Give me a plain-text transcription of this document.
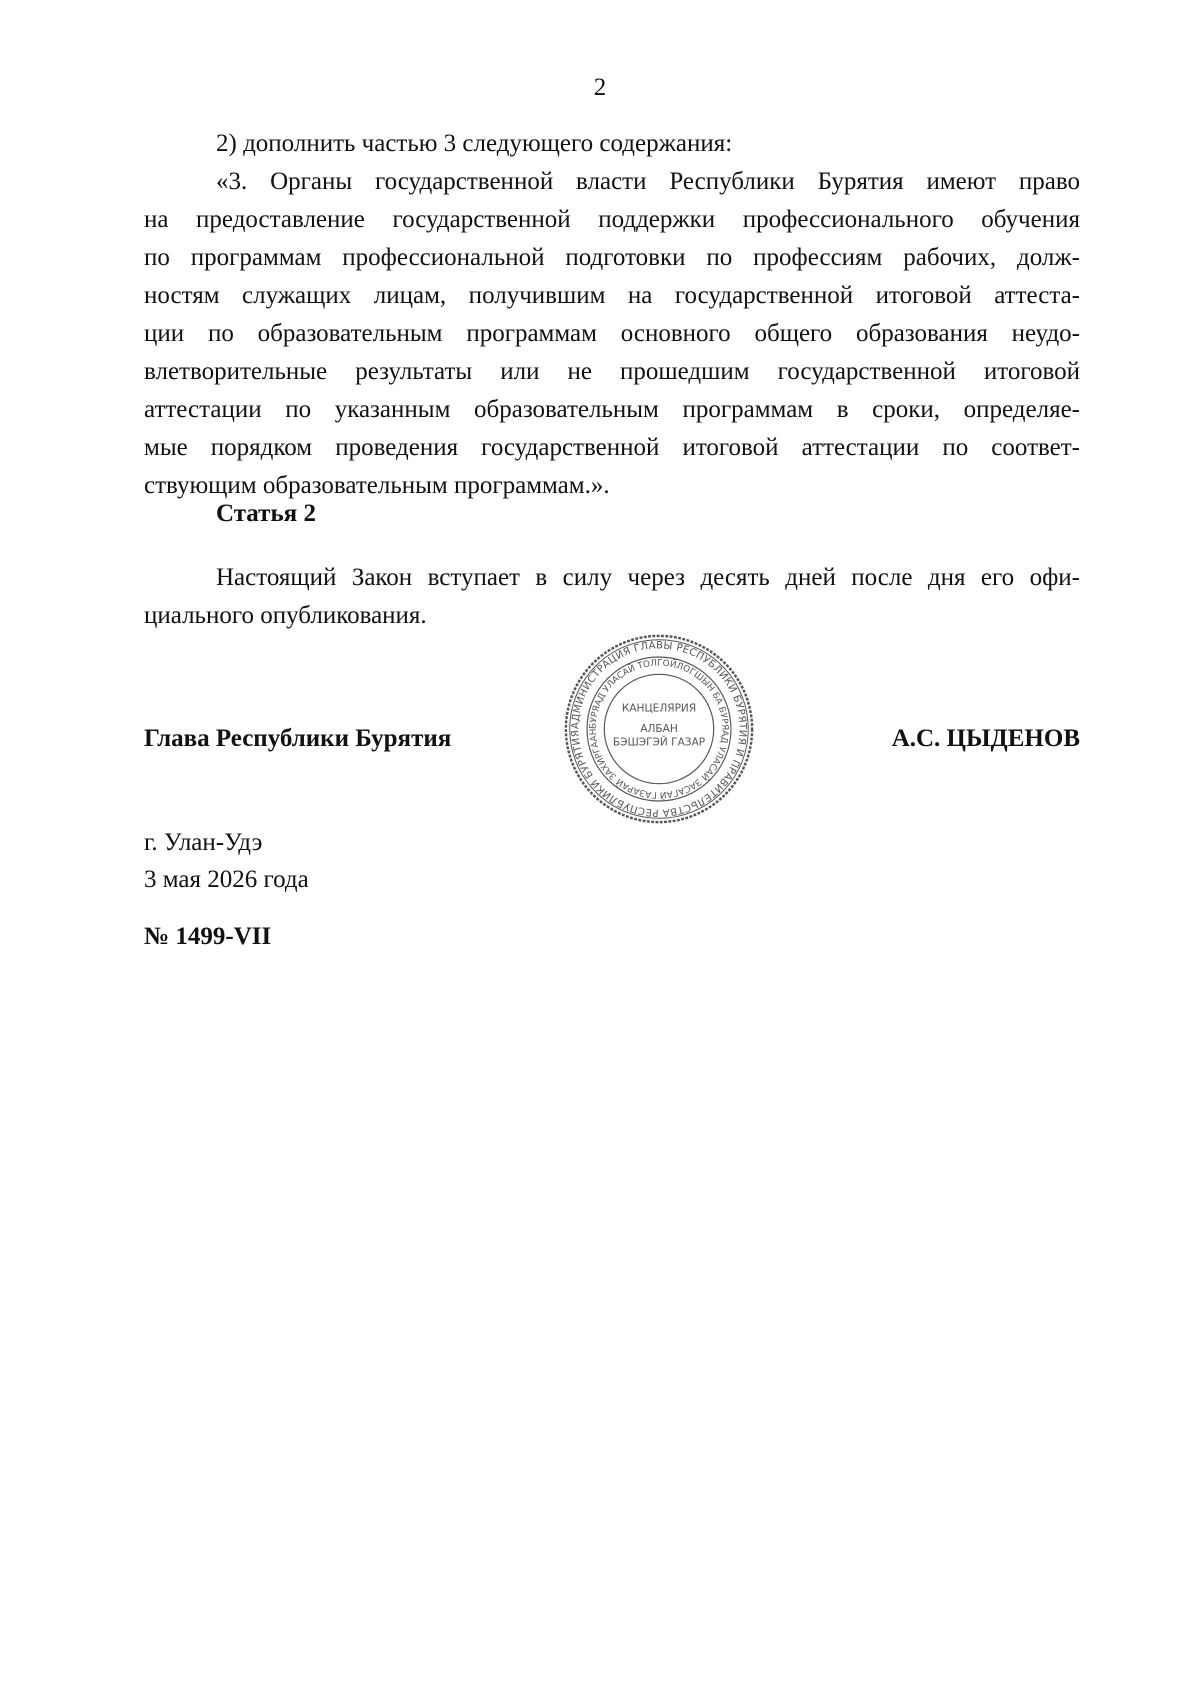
2
2) дополнить частью 3 следующего содержания:
«3. Органы государственной власти Республики Бурятия имеют право
на предоставление государственной поддержки профессионального обучения
по программам профессиональной подготовки по профессиям рабочих, долж-
ностям служащих лицам, получившим на государственной итоговой аттеста-
ции по образовательным программам основного общего образования неудо-
влетворительные результаты или не прошедшим государственной итоговой
аттестации по указанным образовательным программам в сроки, определяе-
мые порядком проведения государственной итоговой аттестации по соответ-
ствующим образовательным программам.».
Статья 2
Настоящий Закон вступает в силу через десять дней после дня его офи-
циального опубликования.
Глава Республики Бурятия	А.С. ЦЫДЕНОВ
АДМИНИСТРАЦИЯ ГЛАВЫ РЕСПУБЛИКИ БУРЯТИЯ И ПРАВИТЕЛЬСТВА РЕСПУБЛИКИ БУРЯТИЯ
БУРЯАД УЛАСАЙ ТОЛГОЙЛОГШЫН БА БУРЯАД УЛАСАЙ ЗАСАГАЙ ГАЗАРАЙ ЗАХИРГААН
КАНЦЕЛЯРИЯ
АЛБАН
БЭШЭГЭЙ ГАЗАР
г. Улан-Удэ
3 мая 2026 года
№ 1499-VII
